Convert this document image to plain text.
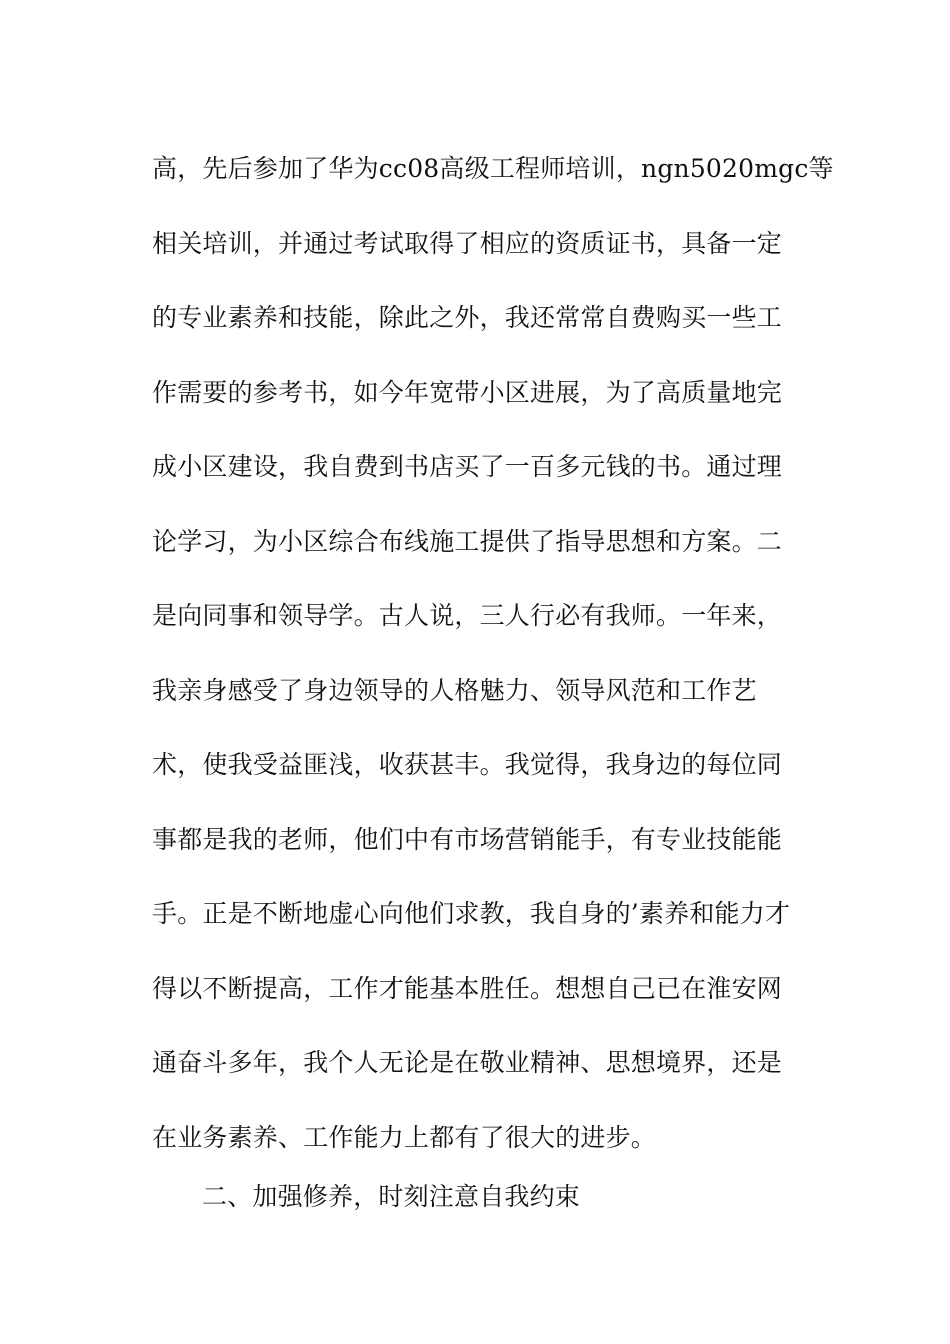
高，先后参加了华为cc08高级工程师培训，ngn5020mgc等
相关培训，并通过考试取得了相应的资质证书，具备一定
的专业素养和技能，除此之外，我还常常自费购买一些工
作需要的参考书，如今年宽带小区进展，为了高质量地完
成小区建设，我自费到书店买了一百多元钱的书。通过理
论学习，为小区综合布线施工提供了指导思想和方案。二
是向同事和领导学。古人说，三人行必有我师。一年来，
我亲身感受了身边领导的人格魅力、领导风范和工作艺
术，使我受益匪浅，收获甚丰。我觉得，我身边的每位同
事都是我的老师，他们中有市场营销能手，有专业技能能
手。正是不断地虚心向他们求教，我自身的’素养和能力才
得以不断提高，工作才能基本胜任。想想自己已在淮安网
通奋斗多年，我个人无论是在敬业精神、思想境界，还是
在业务素养、工作能力上都有了很大的进步。
二、加强修养，时刻注意自我约束
